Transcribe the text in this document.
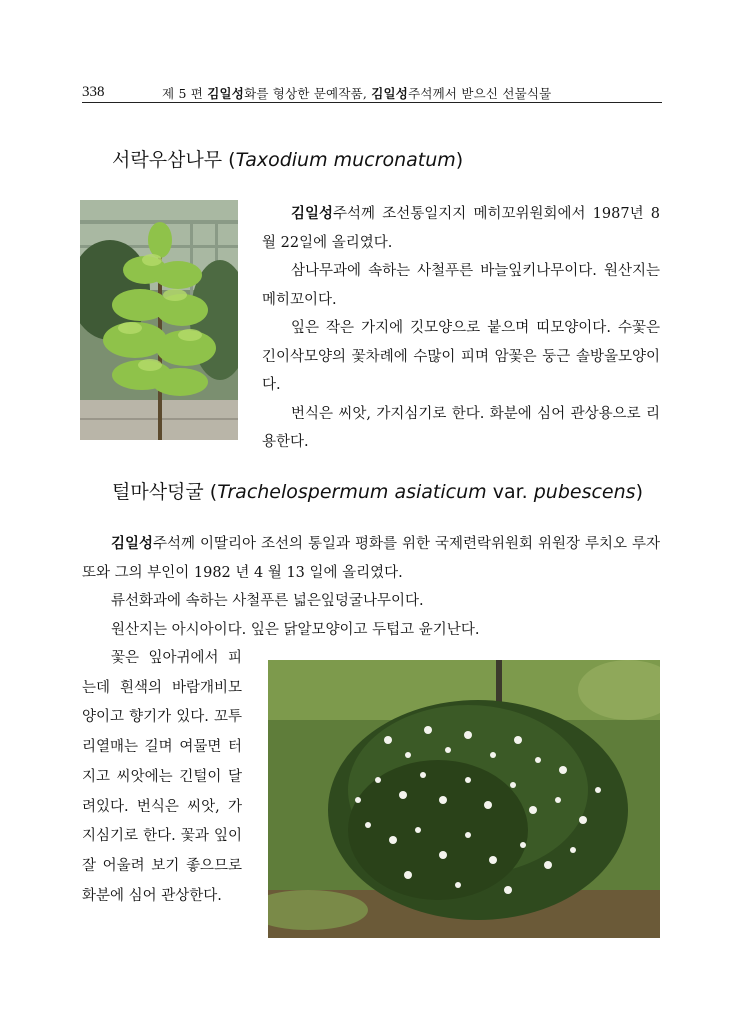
338	제 5 편 김일성화를 형상한 문예작품, 김일성주석께서 받으신 선물식물
서락우삼나무 (Taxodium mucronatum)
김일성주석께 조선통일지지 메히꼬위원회에서 1987년 8월 22일에 올리였다.
삼나무과에 속하는 사철푸른 바늘잎키나무이다. 원산지는 메히꼬이다.
잎은 작은 가지에 깃모양으로 붙으며 띠모양이다. 수꽃은 긴이삭모양의 꽃차례에 수많이 피며 암꽃은 둥근 솔방울모양이다.
번식은 씨앗, 가지심기로 한다. 화분에 심어 관상용으로 리용한다.
털마삭덩굴 (Trachelospermum asiaticum var. pubescens)
김일성주석께 이딸리아 조선의 통일과 평화를 위한 국제련락위원회 위원장 루치오 루자또와 그의 부인이 1982 년 4 월 13 일에 올리였다.
류선화과에 속하는 사철푸른 넓은잎덩굴나무이다.
원산지는 아시아이다. 잎은 닭알모양이고 두텁고 윤기난다.
꽃은 잎아귀에서 피는데 흰색의 바람개비모양이고 향기가 있다. 꼬투리열매는 길며 여물면 터지고 씨앗에는 긴털이 달려있다. 번식은 씨앗, 가지심기로 한다. 꽃과 잎이 잘 어울려 보기 좋으므로 화분에 심어 관상한다.
